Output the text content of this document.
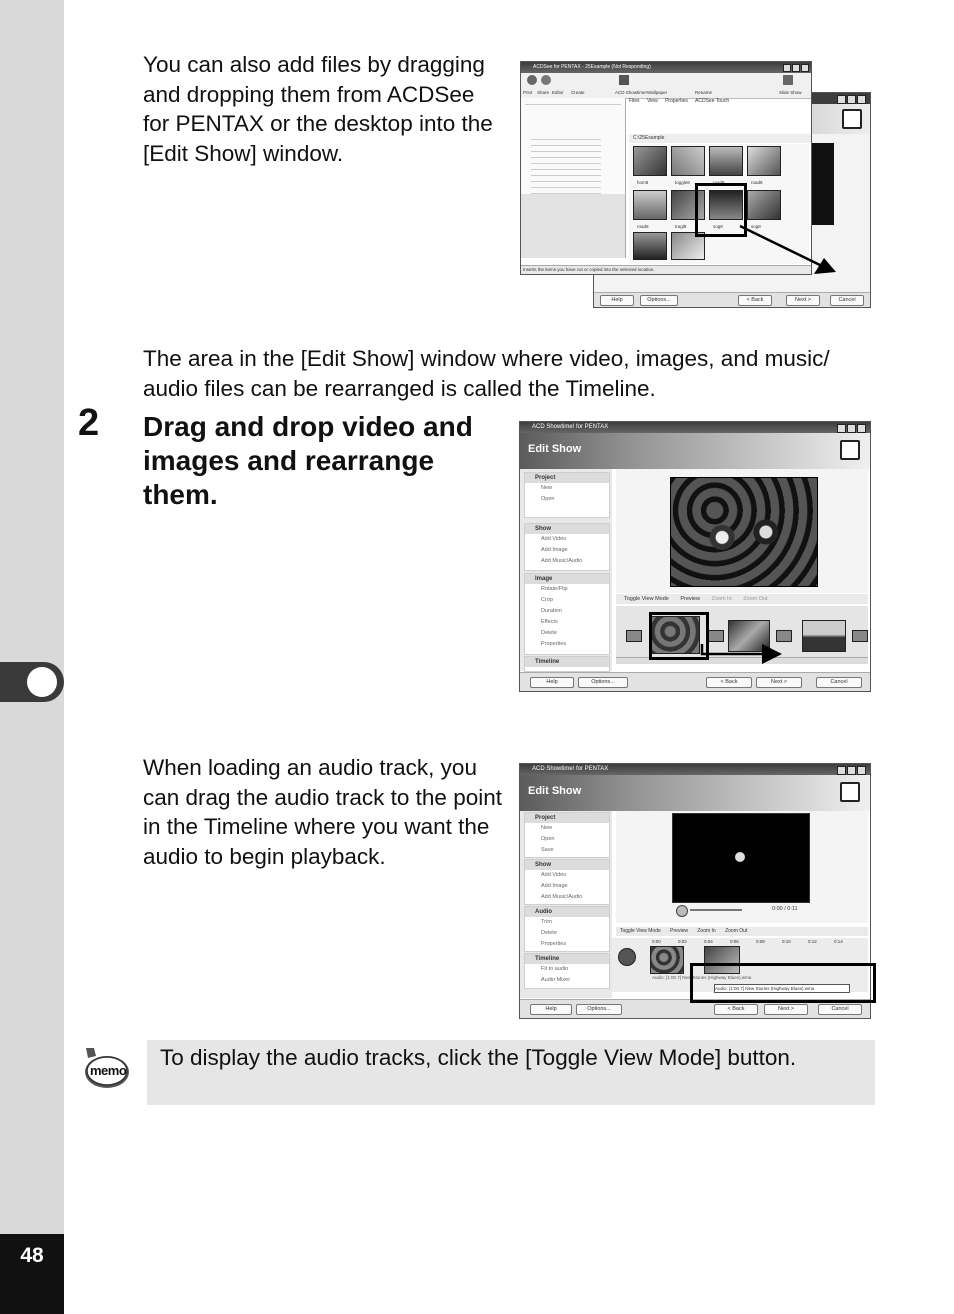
48

You can also add files by dragging and dropping them from ACDSee for PENTAX or the desktop into the [Edit Show] window.

The area in the [Edit Show] window where video, images, and music/ audio files can be rearranged is called the Timeline.

2 Drag and drop video and images and rearrange them.

When loading an audio track, you can drag the audio track to the point in the Timeline where you want the audio to begin playback.

Help	Options...	< Back	Next >	Cancel
ACDSee for PENTAX - 25Example (Not Responding)
Print Share Editor Create	ACD Showtime! Wallpaper	Rename	Slide Show
Files View Properties ACDSee Touch
C:\25Example
hom8	toggle8	road8	road8
road8	tragl8	sog8	sog8
Inserts the items you have cut or copied into the selected location.
ACD Showtime! for PENTAX
Edit Show
Project
New
Open
Show
Add Video
Add Image
Add Music/Audio
Image
Rotate/Flip
Crop
Duration
Effects
Delete
Properties
Timeline
Toggle View Mode Preview Zoom In Zoom Out
Help	Options...	< Back	Next >	Cancel
ACD Showtime! for PENTAX
Edit Show
Project
New
Open
Save
Show
Add Video
Add Image
Add Music/Audio
Audio
Trim
Delete
Properties
Timeline
Fit to audio
Audio Mixer
0:00 / 0:11
Toggle View Mode Preview Zoom In Zoom Out
0:00	0:02	0:04	0:06	0:08	0:10	0:12	0:14
Audio: [1:00.7] New Stories (Highway Blues).wma
Audio: [1:00.7] New Stories (Highway Blues).wma
Help	Options...	< Back	Next >	Cancel
memo
To display the audio tracks, click the [Toggle View Mode] button.
